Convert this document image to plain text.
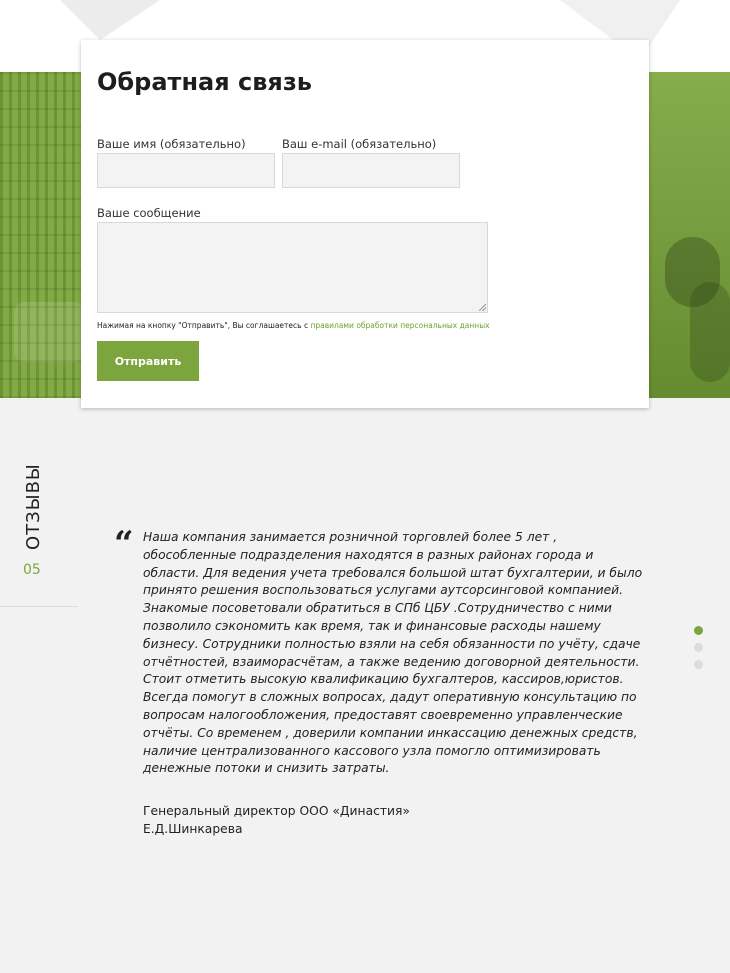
Обратная связь
Ваше имя (обязательно)	Ваш e-mail (обязательно)
Ваше сообщение
Нажимая на кнопку "Отправить", Вы соглашаетесь с правилами обработки персональных данных
Отправить
ОТЗЫВЫ
05
“ Наша компания занимается розничной торговлей более 5 лет , обособленные подразделения находятся в разных районах города и области. Для ведения учета требовался большой штат бухгалтерии, и было принято решения воспользоваться услугами аутсорсинговой компанией. Знакомые посоветовали обратиться в СПб ЦБУ .Сотрудничество с ними позволило сэкономить как время, так и финансовые расходы нашему бизнесу. Сотрудники полностью взяли на себя обязанности по учёту, сдаче отчётностей, взаиморасчётам, а также ведению договорной деятельности. Стоит отметить высокую квалификацию бухгалтеров, кассиров,юристов. Всегда помогут в сложных вопросах, дадут оперативную консультацию по вопросам налогообложения, предоставят своевременно управленческие отчёты. Со временем , доверили компании инкассацию денежных средств, наличие централизованного кассового узла помогло оптимизировать денежные потоки и снизить затраты.
Генеральный директор ООО «Династия»
Е.Д.Шинкарева
